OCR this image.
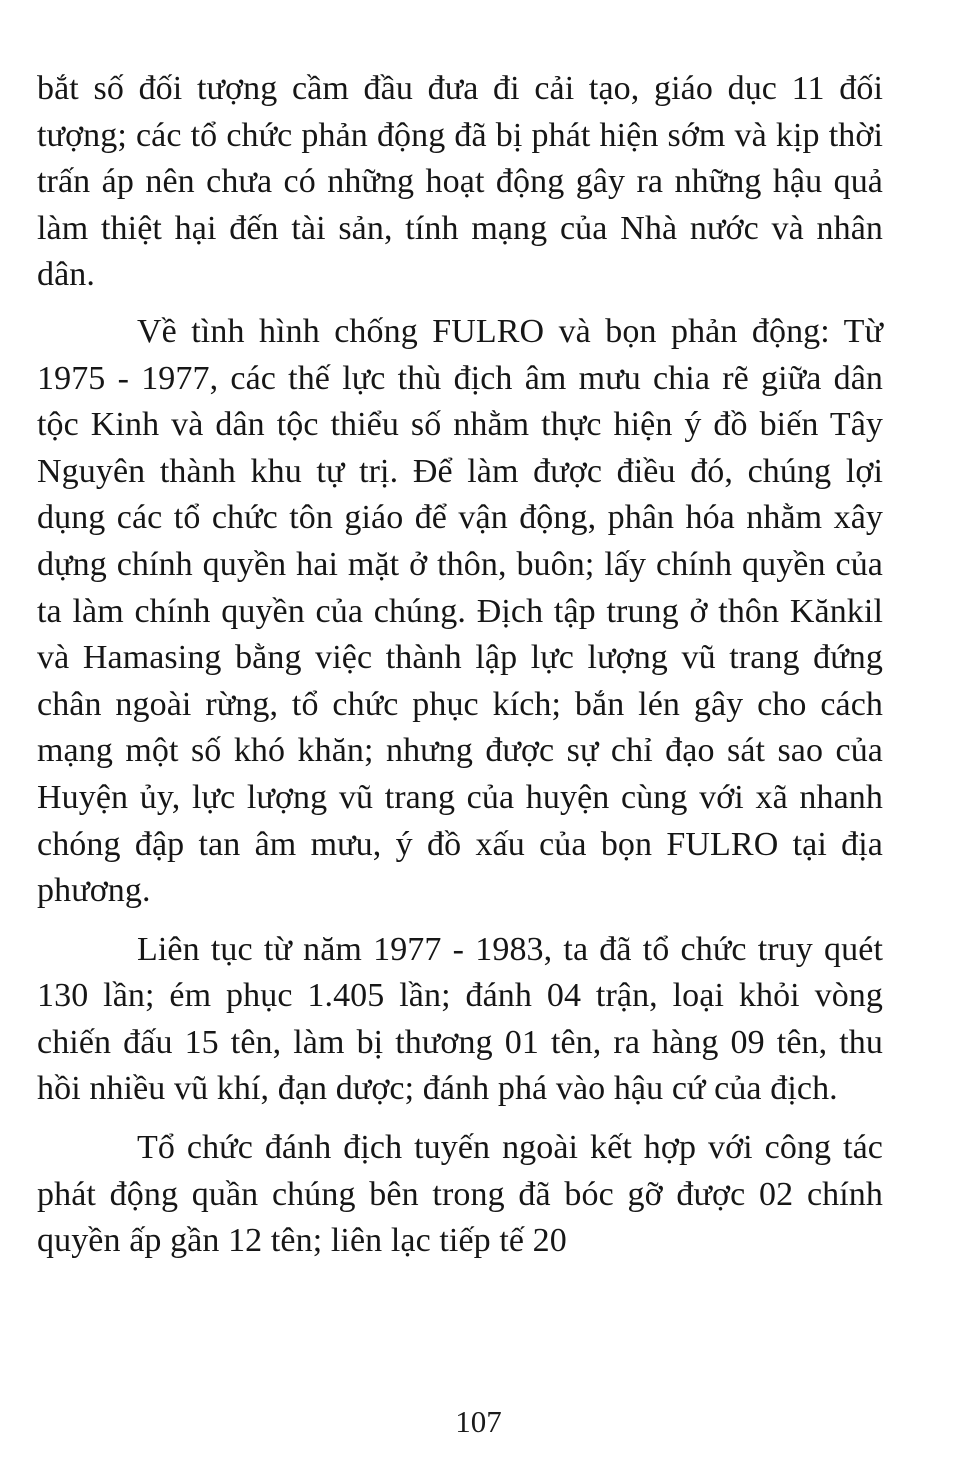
bắt số đối tượng cầm đầu đưa đi cải tạo, giáo dục 11 đối tượng; các tổ chức phản động đã bị phát hiện sớm và kịp thời trấn áp nên chưa có những hoạt động gây ra những hậu quả làm thiệt hại đến tài sản, tính mạng của Nhà nước và nhân dân.

Về tình hình chống FULRO và bọn phản động: Từ 1975 - 1977, các thế lực thù địch âm mưu chia rẽ giữa dân tộc Kinh và dân tộc thiểu số nhằm thực hiện ý đồ biến Tây Nguyên thành khu tự trị. Để làm được điều đó, chúng lợi dụng các tổ chức tôn giáo để vận động, phân hóa nhằm xây dựng chính quyền hai mặt ở thôn, buôn; lấy chính quyền của ta làm chính quyền của chúng. Địch tập trung ở thôn Kănkil và Hamasing bằng việc thành lập lực lượng vũ trang đứng chân ngoài rừng, tổ chức phục kích; bắn lén gây cho cách mạng một số khó khăn; nhưng được sự chỉ đạo sát sao của Huyện ủy, lực lượng vũ trang của huyện cùng với xã nhanh chóng đập tan âm mưu, ý đồ xấu của bọn FULRO tại địa phương.

Liên tục từ năm 1977 - 1983, ta đã tổ chức truy quét 130 lần; ém phục 1.405 lần; đánh 04 trận, loại khỏi vòng chiến đấu 15 tên, làm bị thương 01 tên, ra hàng 09 tên, thu hồi nhiều vũ khí, đạn dược; đánh phá vào hậu cứ của địch.

Tổ chức đánh địch tuyến ngoài kết hợp với công tác phát động quần chúng bên trong đã bóc gỡ được 02 chính quyền ấp gần 12 tên; liên lạc tiếp tế 20

107
